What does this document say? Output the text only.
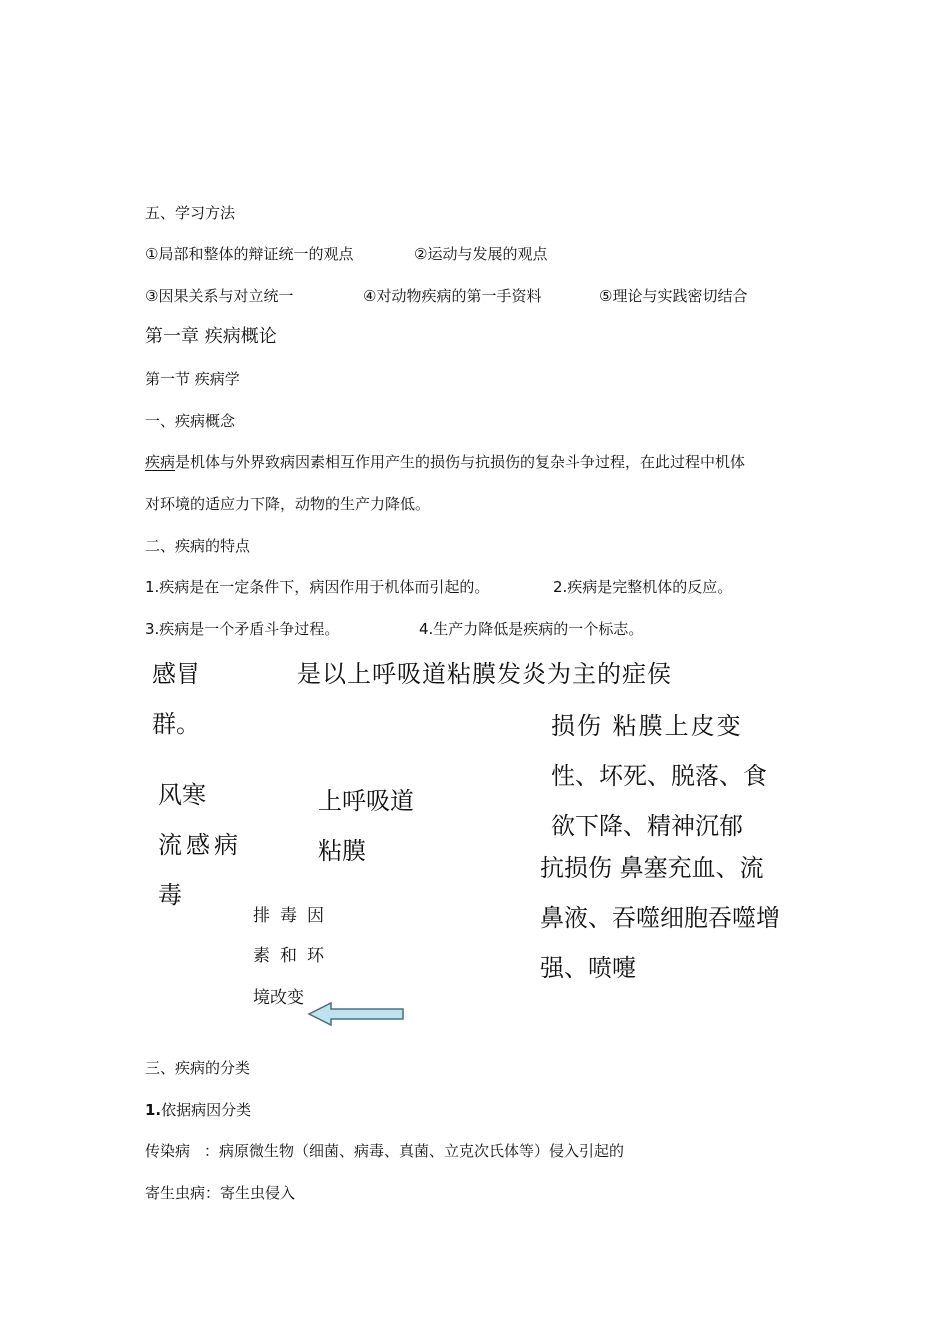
五、学习方法
①局部和整体的辩证统一的观点	②运动与发展的观点
③因果关系与对立统一	④对动物疾病的第一手资料	⑤理论与实践密切结合
第一章 疾病概论
第一节 疾病学
一、疾病概念
疾病是机体与外界致病因素相互作用产生的损伤与抗损伤的复杂斗争过程，在此过程中机体
对环境的适应力下降，动物的生产力降低。
二、疾病的特点
1.疾病是在一定条件下，病因作用于机体而引起的。	2.疾病是完整机体的反应。
3.疾病是一个矛盾斗争过程。	4.生产力降低是疾病的一个标志。
感冒	是以上呼吸道粘膜发炎为主的症侯
群。
风寒
流感病
毒
上呼吸道
粘膜
损伤 粘膜上皮变
性、坏死、脱落、食
欲下降、精神沉郁
抗损伤 鼻塞充血、流
鼻液、吞噬细胞吞噬增
强、喷嚏
排毒因
素和环
境改变
三、疾病的分类
1.依据病因分类
传染病 ：病原微生物（细菌、病毒、真菌、立克次氏体等）侵入引起的
寄生虫病：寄生虫侵入
